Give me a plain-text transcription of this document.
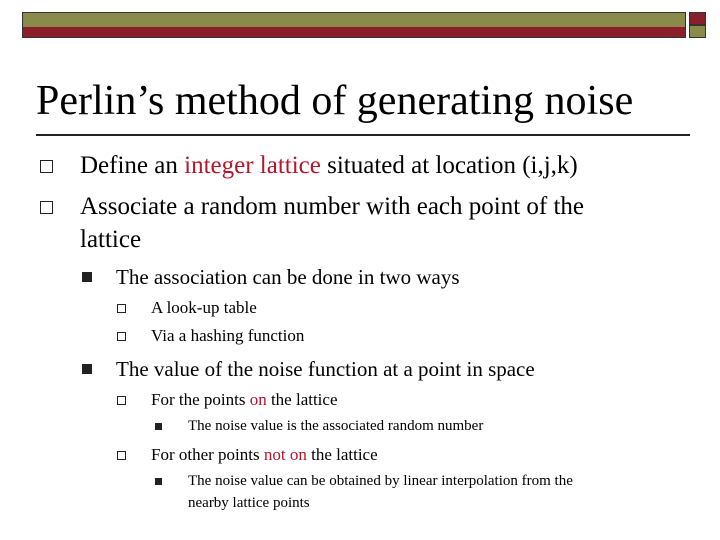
Perlin’s method of generating noise
Define an integer lattice situated at location (i,j,k)
Associate a random number with each point of the
lattice
The association can be done in two ways
A look-up table
Via a hashing function
The value of the noise function at a point in space
For the points on the lattice
The noise value is the associated random number
For other points not on the lattice
The noise value can be obtained by linear interpolation from the
nearby lattice points
